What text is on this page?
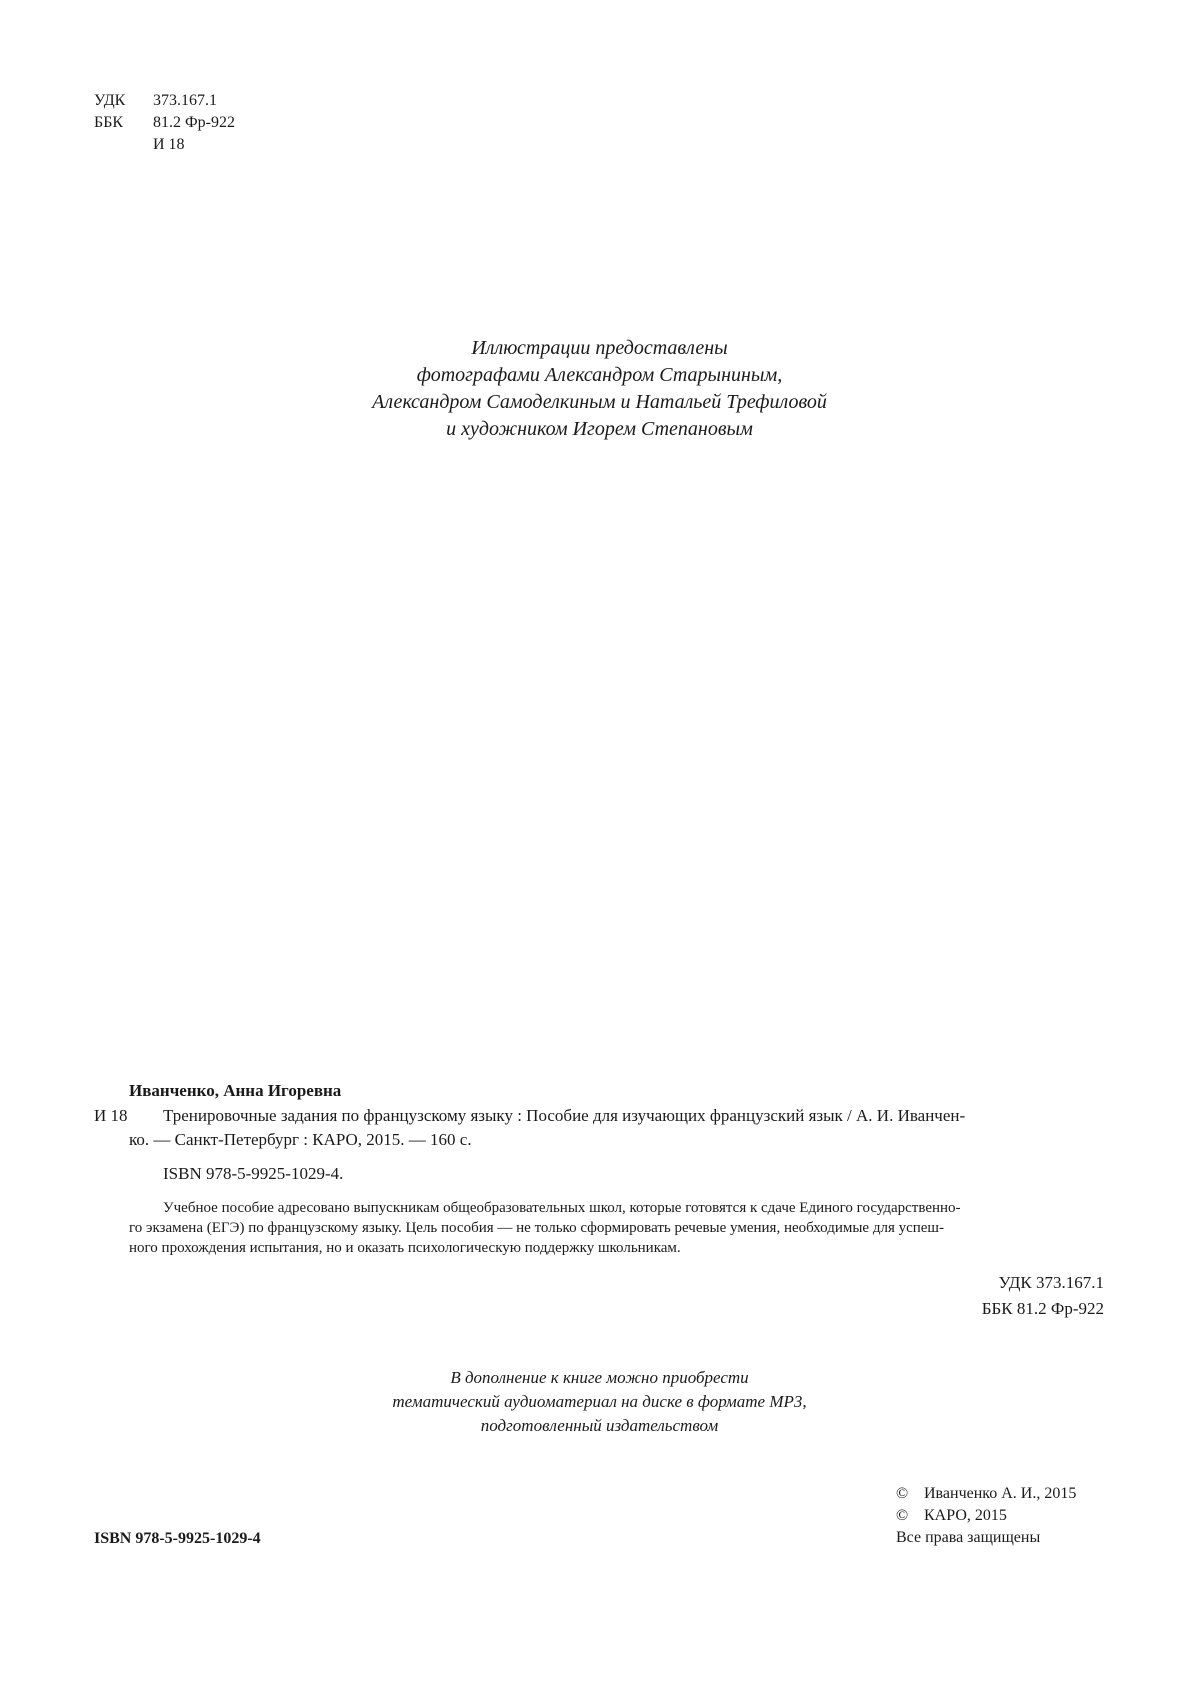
УДК 373.167.1
ББК 81.2 Фр-922
И 18
Иллюстрации предоставлены
фотографами Александром Старыниным,
Александром Самоделкиным и Натальей Трефиловой
и художником Игорем Степановым
Иванченко, Анна Игоревна
И 18 Тренировочные задания по французскому языку : Пособие для изучающих французский язык / А. И. Иванчен-
ко. — Санкт-Петербург : КАРО, 2015. — 160 с.
ISBN 978-5-9925-1029-4.
Учебное пособие адресовано выпускникам общеобразовательных школ, которые готовятся к сдаче Единого государственно-
го экзамена (ЕГЭ) по французскому языку. Цель пособия — не только сформировать речевые умения, необходимые для успеш-
ного прохождения испытания, но и оказать психологическую поддержку школьникам.
УДК 373.167.1
ББК 81.2 Фр-922
В дополнение к книге можно приобрести
тематический аудиоматериал на диске в формате MP3,
подготовленный издательством
ISBN 978-5-9925-1029-4
© Иванченко А. И., 2015
© КАРО, 2015
Все права защищены
